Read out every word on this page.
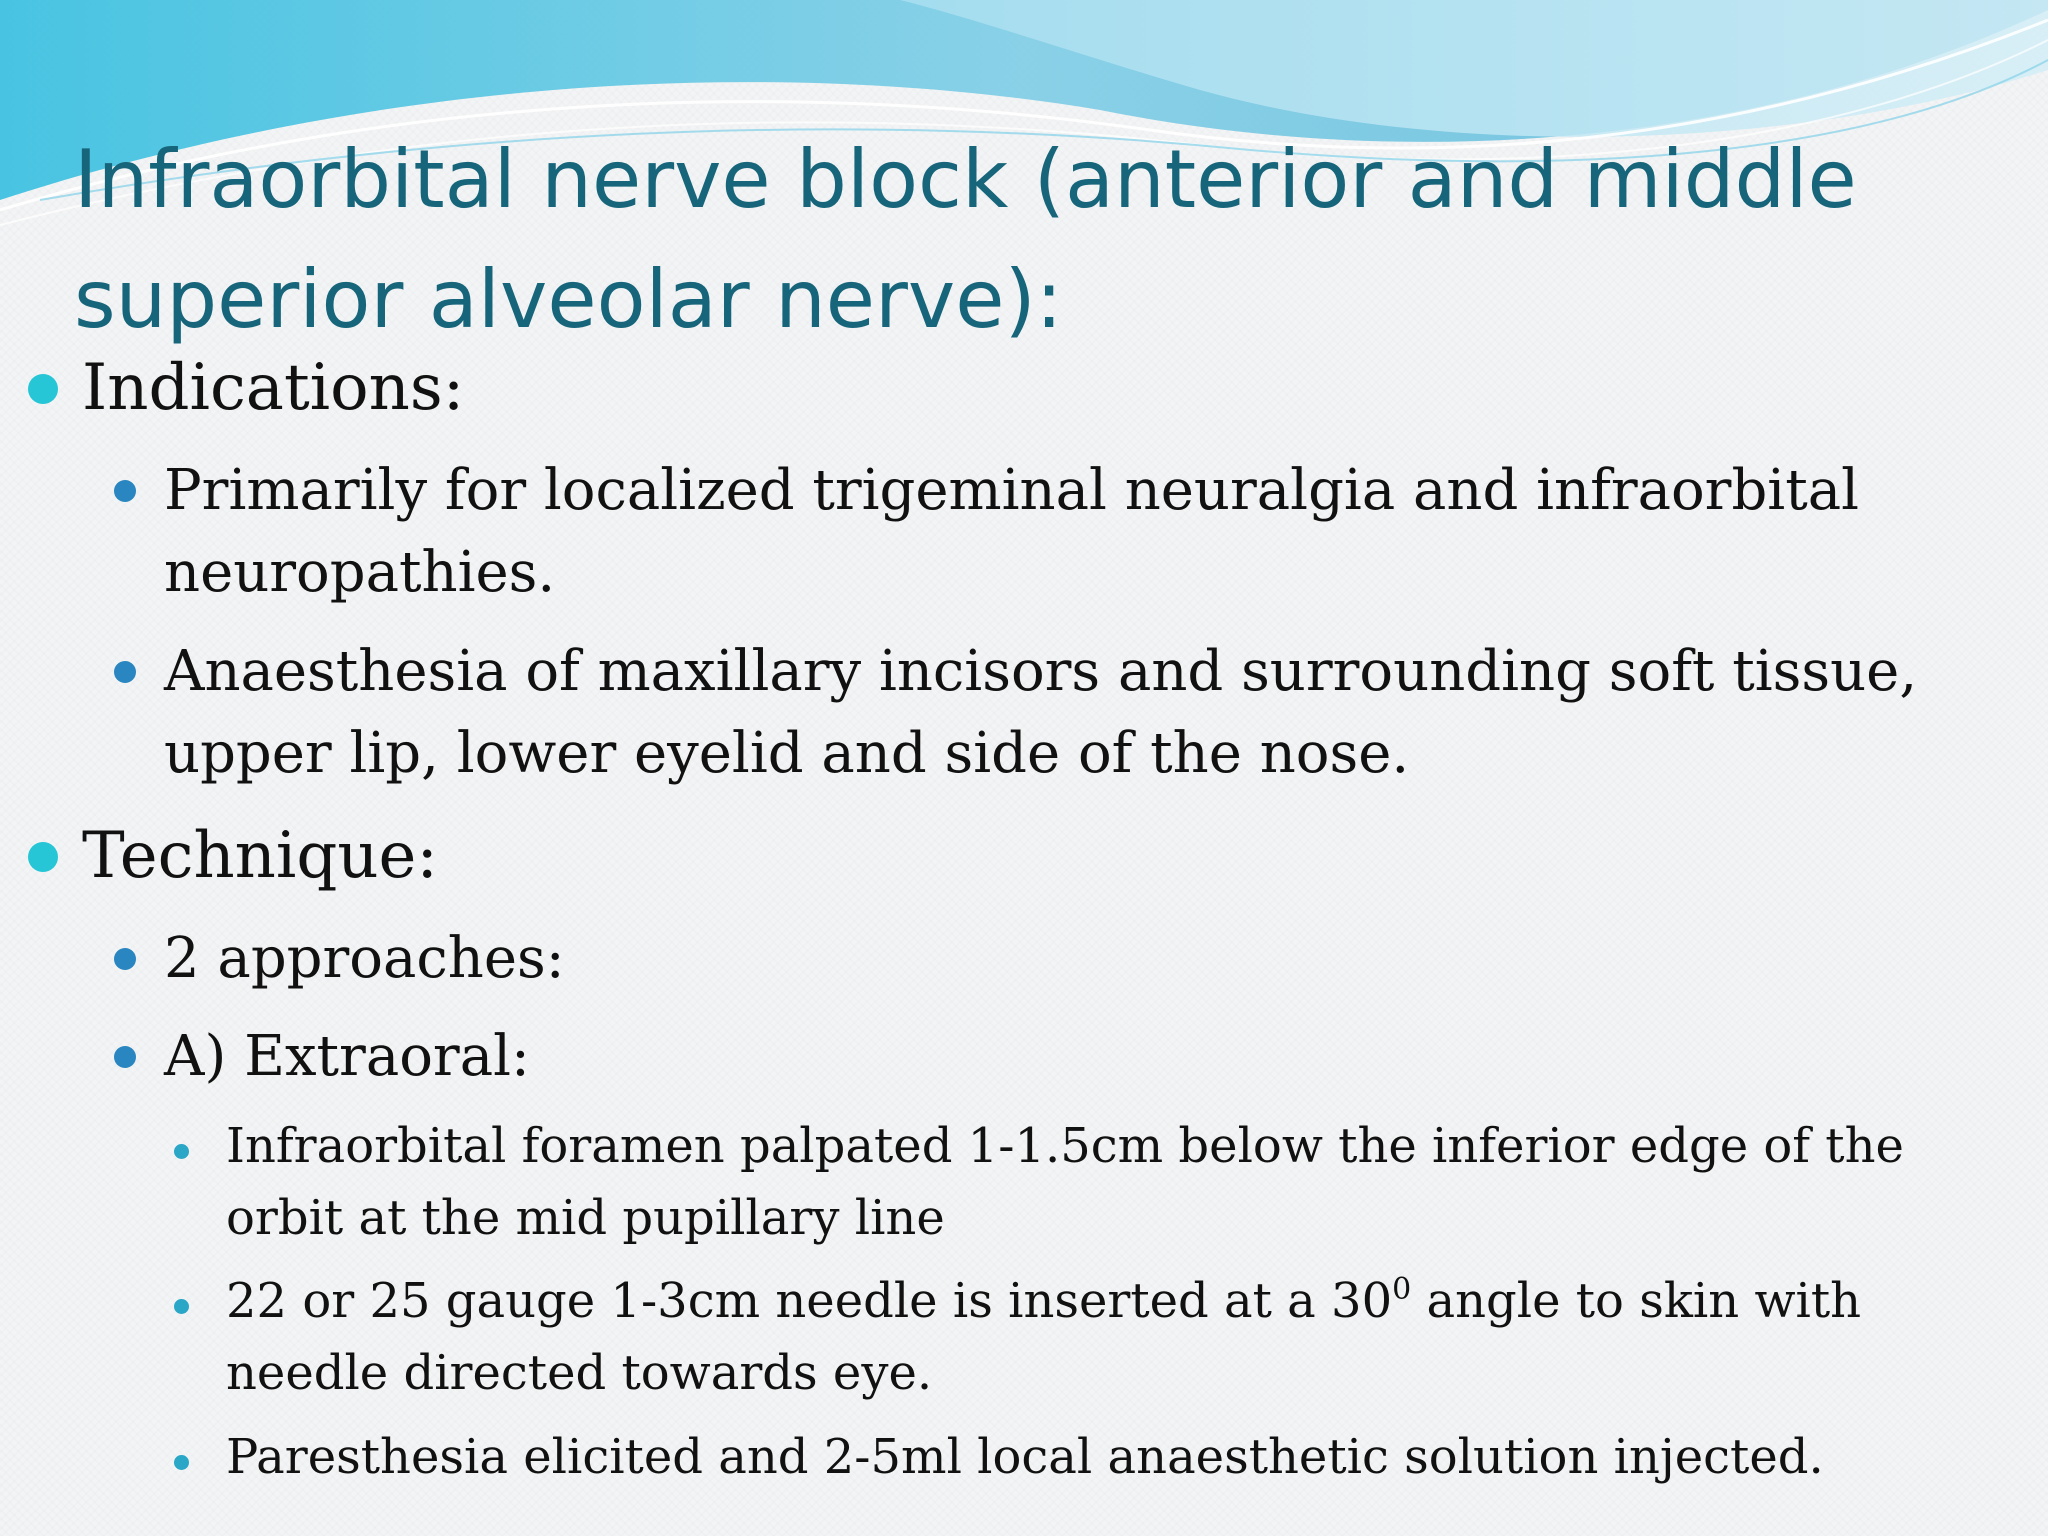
Infraorbital nerve block (anterior and middle superior alveolar nerve):

Indications:

Primarily for localized trigeminal neuralgia and infraorbital neuropathies.

Anaesthesia of maxillary incisors and surrounding soft tissue, upper lip, lower eyelid and side of the nose.

Technique:

2 approaches:

A) Extraoral:

Infraorbital foramen palpated 1-1.5cm below the inferior edge of the orbit at the mid pupillary line

22 or 25 gauge 1-3cm needle is inserted at a $30^0$ angle to skin with needle directed towards eye.

Paresthesia elicited and 2-5ml local anaesthetic solution injected.
